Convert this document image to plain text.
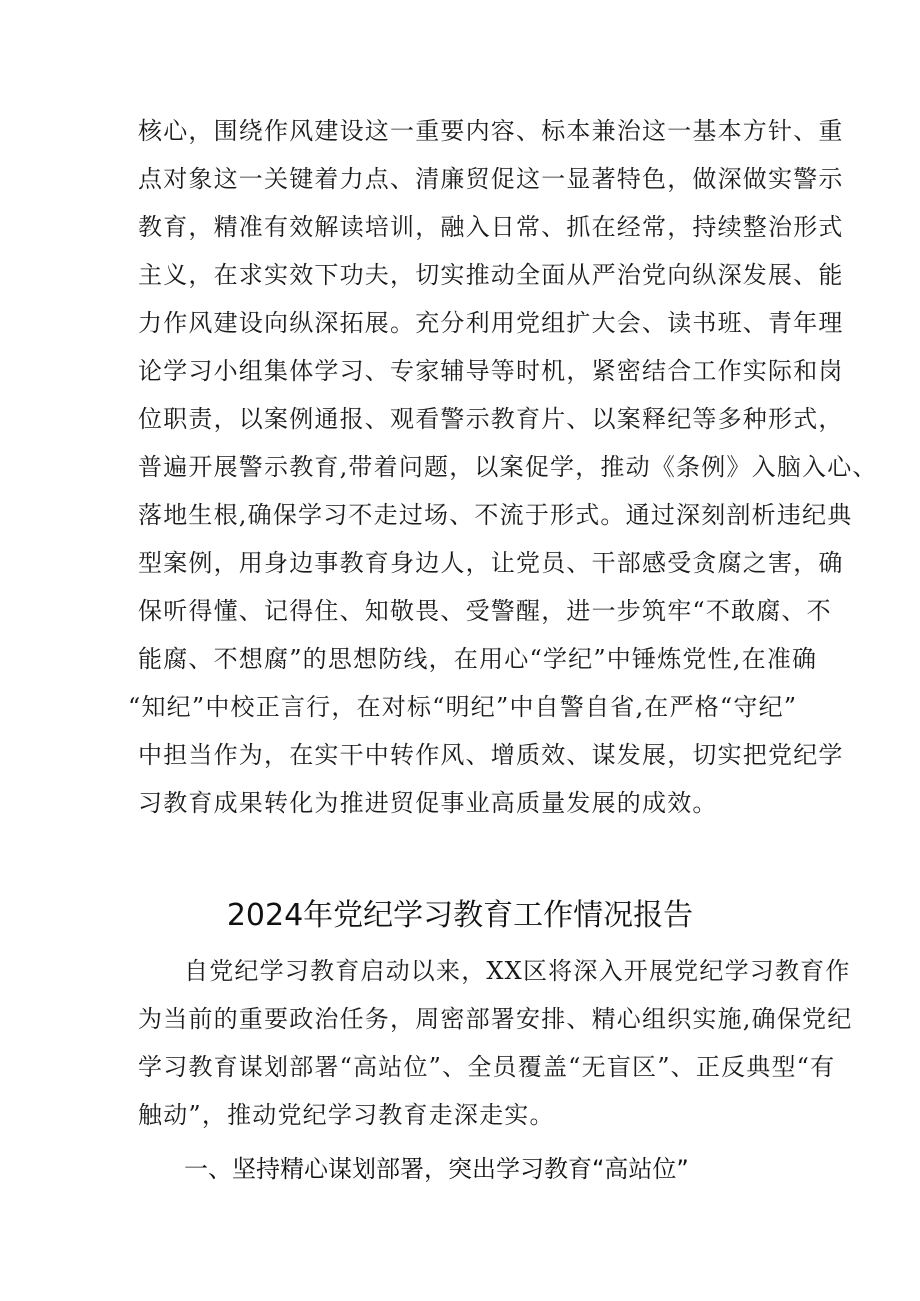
核心，围绕作风建设这一重要内容、标本兼治这一基本方针、重
点对象这一关键着力点、清廉贸促这一显著特色，做深做实警示
教育，精准有效解读培训，融入日常、抓在经常，持续整治形式
主义，在求实效下功夫，切实推动全面从严治党向纵深发展、能
力作风建设向纵深拓展。充分利用党组扩大会、读书班、青年理
论学习小组集体学习、专家辅导等时机，紧密结合工作实际和岗
位职责，以案例通报、观看警示教育片、以案释纪等多种形式，
普遍开展警示教育,带着问题，以案促学，推动《条例》入脑入心、
落地生根,确保学习不走过场、不流于形式。通过深刻剖析违纪典
型案例，用身边事教育身边人，让党员、干部感受贪腐之害，确
保听得懂、记得住、知敬畏、受警醒，进一步筑牢“不敢腐、不
能腐、不想腐”的思想防线，在用心“学纪”中锤炼党性,在准确
“知纪”中校正言行，在对标“明纪”中自警自省,在严格“守纪”
中担当作为，在实干中转作风、增质效、谋发展，切实把党纪学
习教育成果转化为推进贸促事业高质量发展的成效。
2024年党纪学习教育工作情况报告
自党纪学习教育启动以来，XX区将深入开展党纪学习教育作
为当前的重要政治任务，周密部署安排、精心组织实施,确保党纪
学习教育谋划部署“高站位”、全员覆盖“无盲区”、正反典型“有
触动”，推动党纪学习教育走深走实。
一、坚持精心谋划部署，突出学习教育“高站位”
